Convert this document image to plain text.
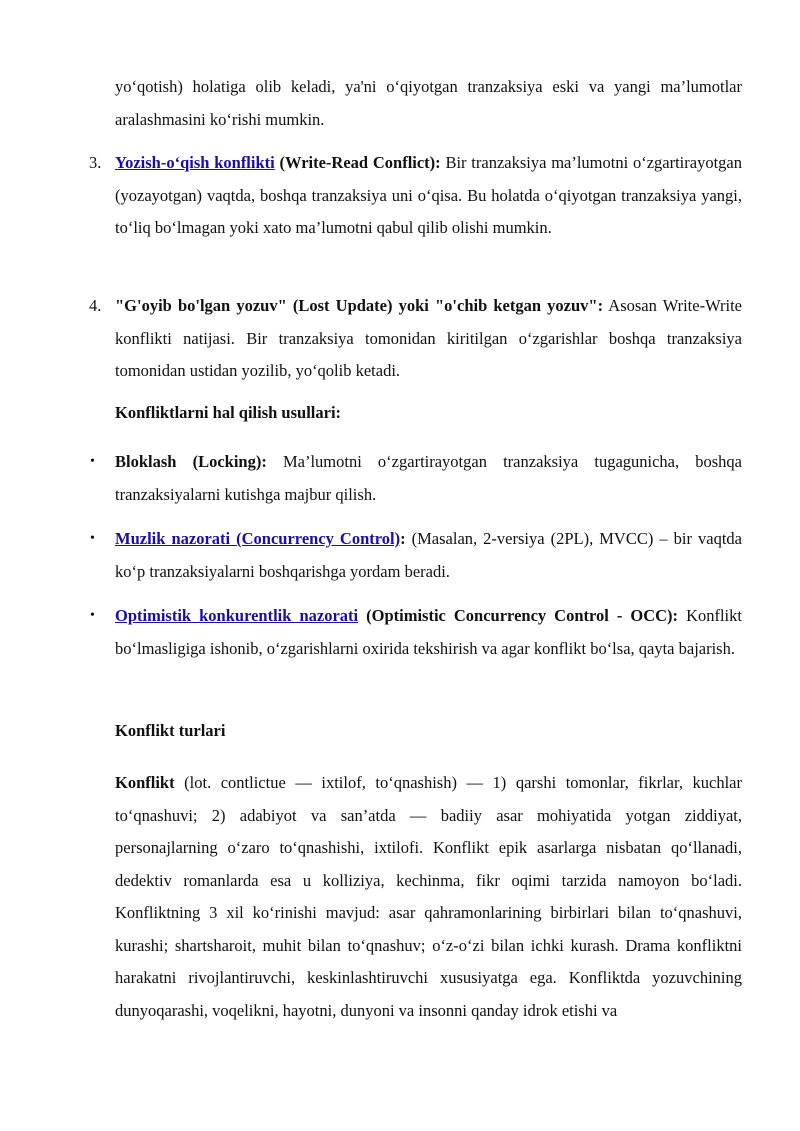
yo‘qotish) holatiga olib keladi, ya'ni o‘qiyotgan tranzaksiya eski va yangi ma’lumotlar aralashmasini ko‘rishi mumkin.

3. Yozish-o‘qish konflikti (Write-Read Conflict): Bir tranzaksiya ma’lumotni o‘zgartirayotgan (yozayotgan) vaqtda, boshqa tranzaksiya uni o‘qisa. Bu holatda o‘qiyotgan tranzaksiya yangi, to‘liq bo‘lmagan yoki xato ma’lumotni qabul qilib olishi mumkin.

4. "G'oyib bo'lgan yozuv" (Lost Update) yoki "o'chib ketgan yozuv": Asosan Write-Write konflikti natijasi. Bir tranzaksiya tomonidan kiritilgan o‘zgarishlar boshqa tranzaksiya tomonidan ustidan yozilib, yo‘qolib ketadi.

Konfliktlarni hal qilish usullari:

• Bloklash (Locking): Ma’lumotni o‘zgartirayotgan tranzaksiya tugagunicha, boshqa tranzaksiyalarni kutishga majbur qilish.

• Muzlik nazorati (Concurrency Control): (Masalan, 2-versiya (2PL), MVCC) – bir vaqtda ko‘p tranzaksiyalarni boshqarishga yordam beradi.

• Optimistik konkurentlik nazorati (Optimistic Concurrency Control - OCC): Konflikt bo‘lmasligiga ishonib, o‘zgarishlarni oxirida tekshirish va agar konflikt bo‘lsa, qayta bajarish.

Konflikt turlari

Konflikt (lot. contlictue — ixtilof, to‘qnashish) — 1) qarshi tomonlar, fikrlar, kuchlar to‘qnashuvi; 2) adabiyot va san’atda — badiiy asar mohiyatida yotgan ziddiyat, personajlarning o‘zaro to‘qnashishi, ixtilofi. Konflikt epik asarlarga nisbatan qo‘llanadi, dedektiv romanlarda esa u kolliziya, kechinma, fikr oqimi tarzida namoyon bo‘ladi. Konfliktning 3 xil ko‘rinishi mavjud: asar qahramonlarining birbirlari bilan to‘qnashuvi, kurashi; shartsharoit, muhit bilan to‘qnashuv; o‘z-o‘zi bilan ichki kurash. Drama konfliktni harakatni rivojlantiruvchi, keskinlashtiruvchi xususiyatga ega. Konfliktda yozuvchining dunyoqarashi, voqelikni, hayotni, dunyoni va insonni qanday idrok etishi va
